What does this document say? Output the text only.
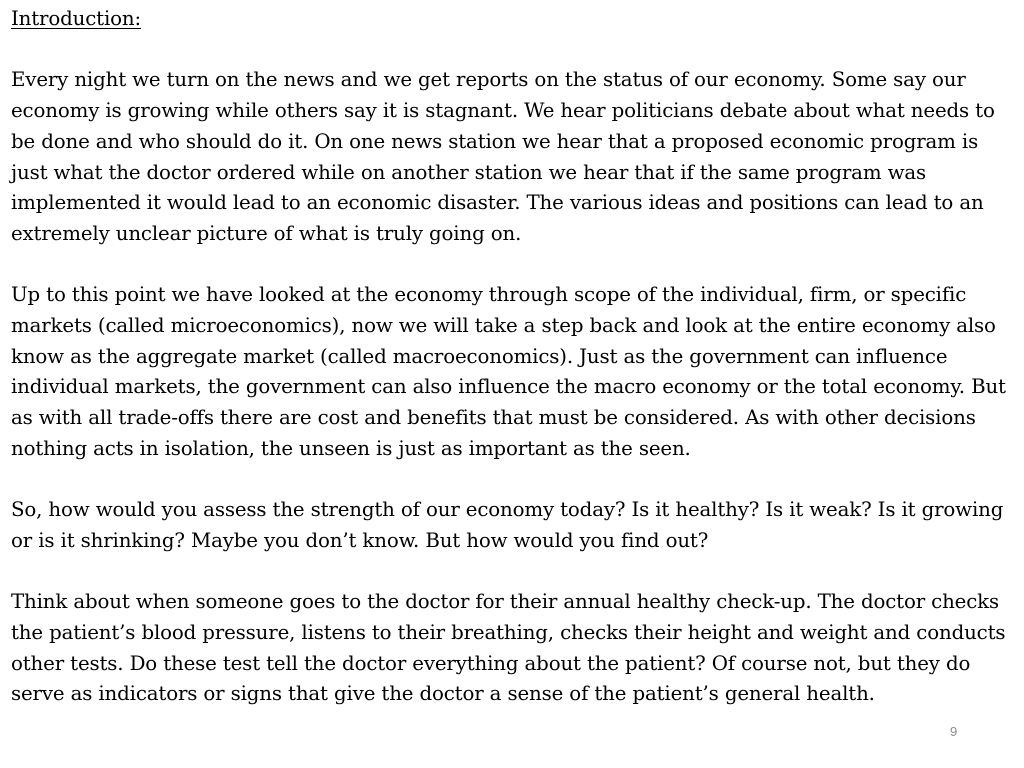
Introduction:

Every night we turn on the news and we get reports on the status of our economy. Some say our economy is growing while others say it is stagnant. We hear politicians debate about what needs to be done and who should do it. On one news station we hear that a proposed economic program is just what the doctor ordered while on another station we hear that if the same program was implemented it would lead to an economic disaster. The various ideas and positions can lead to an extremely unclear picture of what is truly going on.

Up to this point we have looked at the economy through scope of the individual, firm, or specific markets (called microeconomics), now we will take a step back and look at the entire economy also know as the aggregate market (called macroeconomics). Just as the government can influence individual markets, the government can also influence the macro economy or the total economy. But as with all trade-offs there are cost and benefits that must be considered. As with other decisions nothing acts in isolation, the unseen is just as important as the seen.

So, how would you assess the strength of our economy today? Is it healthy? Is it weak? Is it growing or is it shrinking? Maybe you don’t know. But how would you find out?

Think about when someone goes to the doctor for their annual healthy check-up. The doctor checks the patient’s blood pressure, listens to their breathing, checks their height and weight and conducts other tests. Do these test tell the doctor everything about the patient? Of course not, but they do serve as indicators or signs that give the doctor a sense of the patient’s general health.

9
